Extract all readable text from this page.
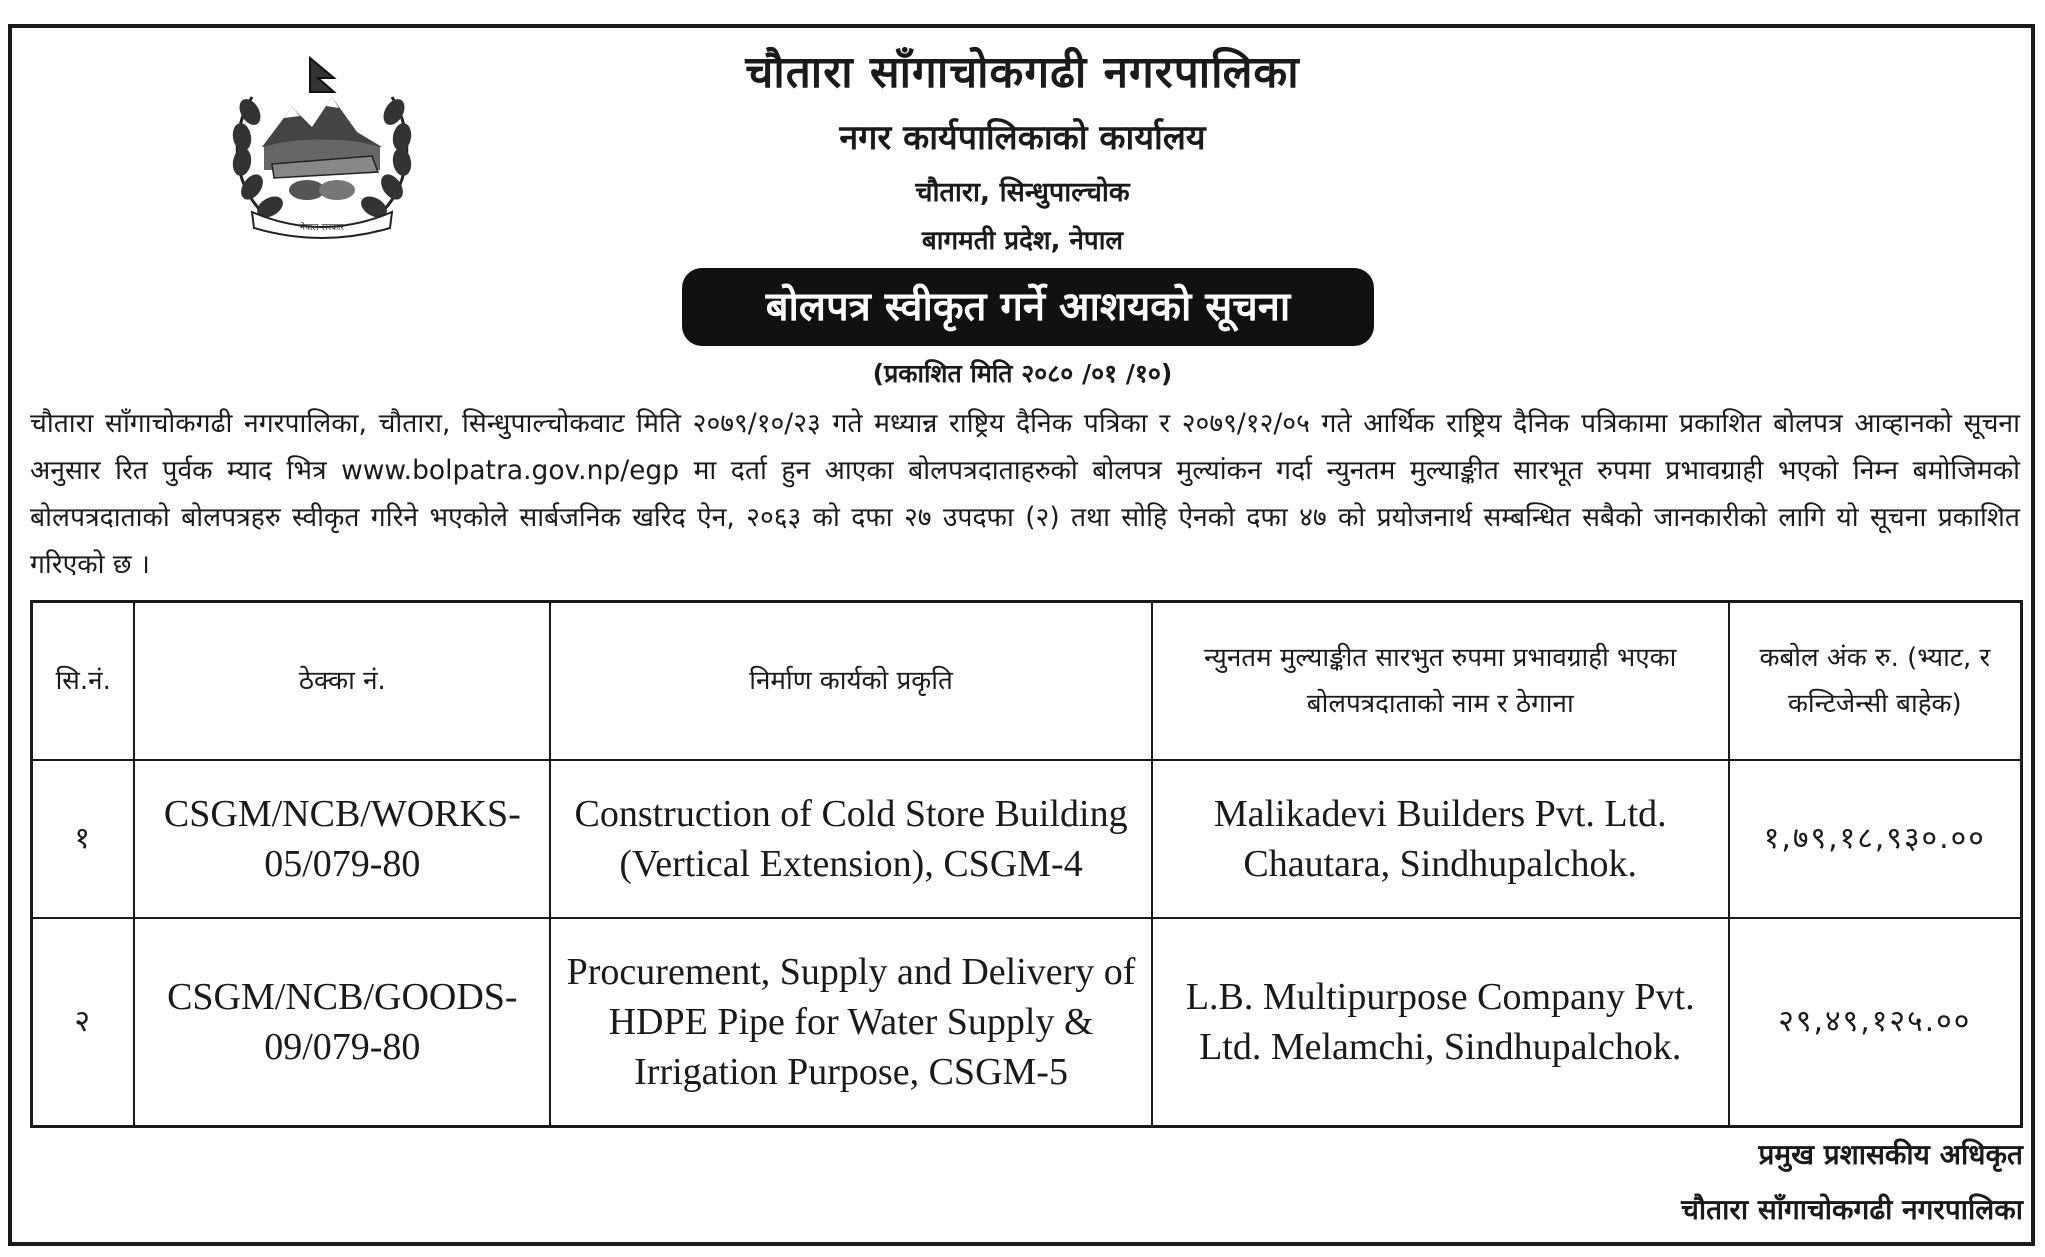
नेपाल सरकार
चौतारा साँगाचोकगढी नगरपालिका
नगर कार्यपालिकाको कार्यालय
चौतारा, सिन्धुपाल्चोक
बागमती प्रदेश, नेपाल
बोलपत्र स्वीकृत गर्ने आशयको सूचना
(प्रकाशित मिति २०८० /०१ /१०)
चौतारा साँगाचोकगढी नगरपालिका, चौतारा, सिन्धुपाल्चोकवाट मिति २०७९/१०/२३ गते मध्यान्न राष्ट्रिय दैनिक पत्रिका र २०७९/१२/०५ गते आर्थिक राष्ट्रिय दैनिक पत्रिकामा प्रकाशित बोलपत्र आव्हानको सूचना अनुसार रित पुर्वक म्याद भित्र www.bolpatra.gov.np/egp मा दर्ता हुन आएका बोलपत्रदाताहरुको बोलपत्र मुल्यांकन गर्दा न्युनतम मुल्याङ्कीत सारभूत रुपमा प्रभावग्राही भएको निम्न बमोजिमको बोलपत्रदाताको बोलपत्रहरु स्वीकृत गरिने भएकोले सार्बजनिक खरिद ऐन, २०६३ को दफा २७ उपदफा (२) तथा सोहि ऐनको दफा ४७ को प्रयोजनार्थ सम्बन्धित सबैको जानकारीको लागि यो सूचना प्रकाशित गरिएको छ ।
सि.नं.	ठेक्का नं.	निर्माण कार्यको प्रकृति	न्युनतम मुल्याङ्कीत सारभुत रुपमा प्रभावग्राही भएका बोलपत्रदाताको नाम र ठेगाना	कबोल अंक रु. (भ्याट, र कन्टिजेन्सी बाहेक)
१	CSGM/NCB/WORKS-05/079-80	Construction of Cold Store Building (Vertical Extension), CSGM-4	Malikadevi Builders Pvt. Ltd. Chautara, Sindhupalchok.	१,७९,१८,९३०.००
२	CSGM/NCB/GOODS-09/079-80	Procurement, Supply and Delivery of HDPE Pipe for Water Supply & Irrigation Purpose, CSGM-5	L.B. Multipurpose Company Pvt. Ltd. Melamchi, Sindhupalchok.	२९,४९,१२५.००
प्रमुख प्रशासकीय अधिकृत
चौतारा साँगाचोकगढी नगरपालिका
